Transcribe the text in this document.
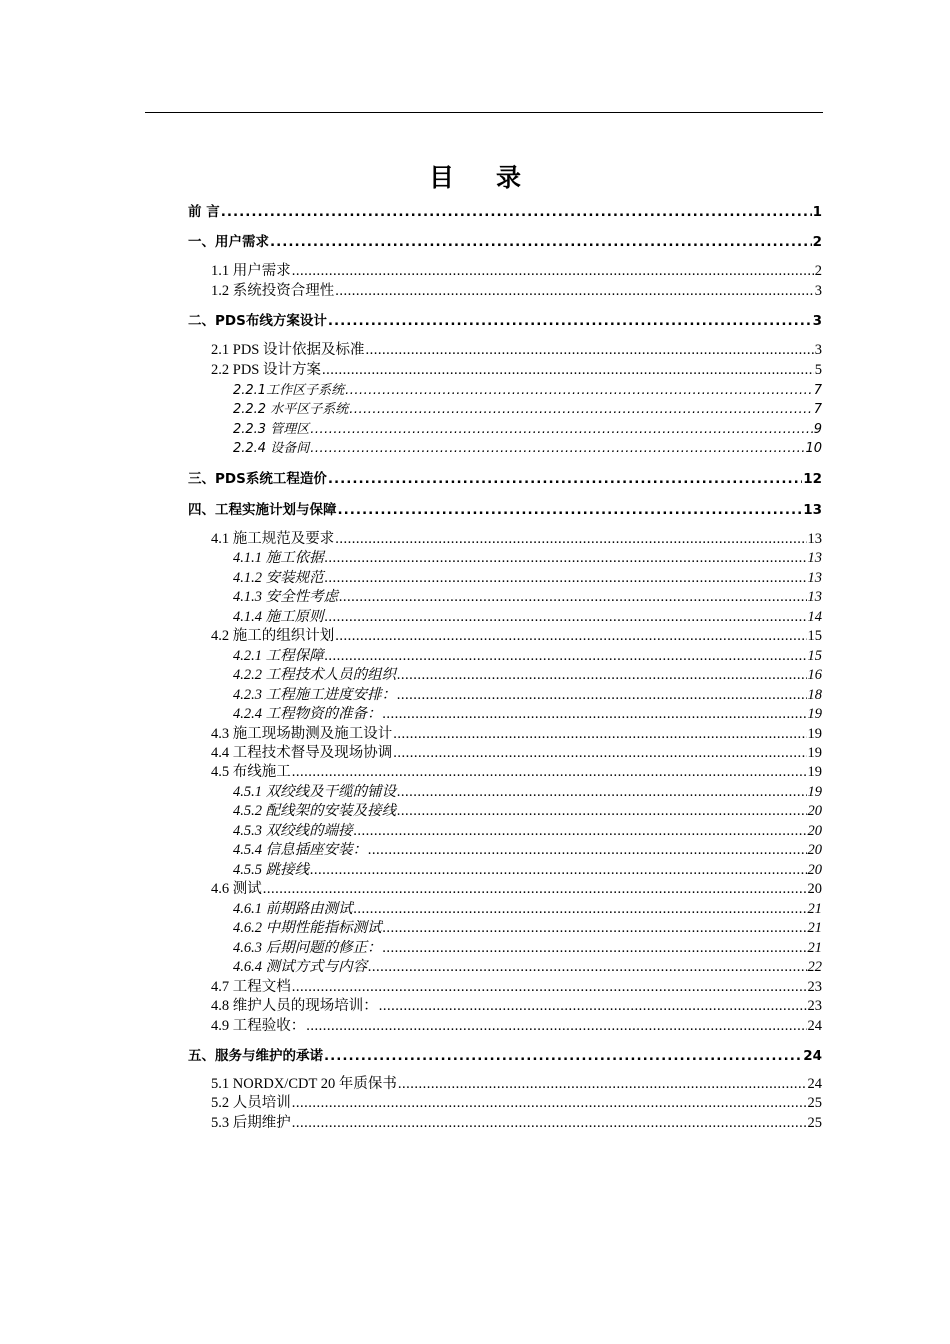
目录
前 言 .....	1
一、用户需求 .....	2
1.1 用户需求 .....	2
1.2 系统投资合理性 .....	3
二、PDS布线方案设计 .....	3
2.1 PDS 设计依据及标准 .....	3
2.2 PDS 设计方案 .....	5
2.2.1工作区子系统 .....	7
2.2.2 水平区子系统 .....	7
2.2.3 管理区 .....	9
2.2.4 设备间 .....	10
三、PDS系统工程造价 .....	12
四、工程实施计划与保障 .....	13
4.1 施工规范及要求 .....	13
4.1.1 施工依据 .....	13
4.1.2 安装规范 .....	13
4.1.3 安全性考虑 .....	13
4.1.4 施工原则 .....	14
4.2 施工的组织计划 .....	15
4.2.1 工程保障 .....	15
4.2.2 工程技术人员的组织 .....	16
4.2.3 工程施工进度安排： .....	18
4.2.4 工程物资的准备： .....	19
4.3 施工现场勘测及施工设计 .....	19
4.4 工程技术督导及现场协调 .....	19
4.5 布线施工 .....	19
4.5.1 双绞线及干缆的铺设 .....	19
4.5.2 配线架的安装及接线 .....	20
4.5.3 双绞线的端接 .....	20
4.5.4 信息插座安装： .....	20
4.5.5 跳接线 .....	20
4.6 测试 .....	20
4.6.1 前期路由测试 .....	21
4.6.2 中期性能指标测试 .....	21
4.6.3 后期问题的修正： .....	21
4.6.4 测试方式与内容 .....	22
4.7 工程文档 .....	23
4.8 维护人员的现场培训： .....	23
4.9 工程验收： .....	24
五、服务与维护的承诺 .....	24
5.1 NORDX/CDT 20 年质保书 .....	24
5.2 人员培训 .....	25
5.3 后期维护 .....	25
